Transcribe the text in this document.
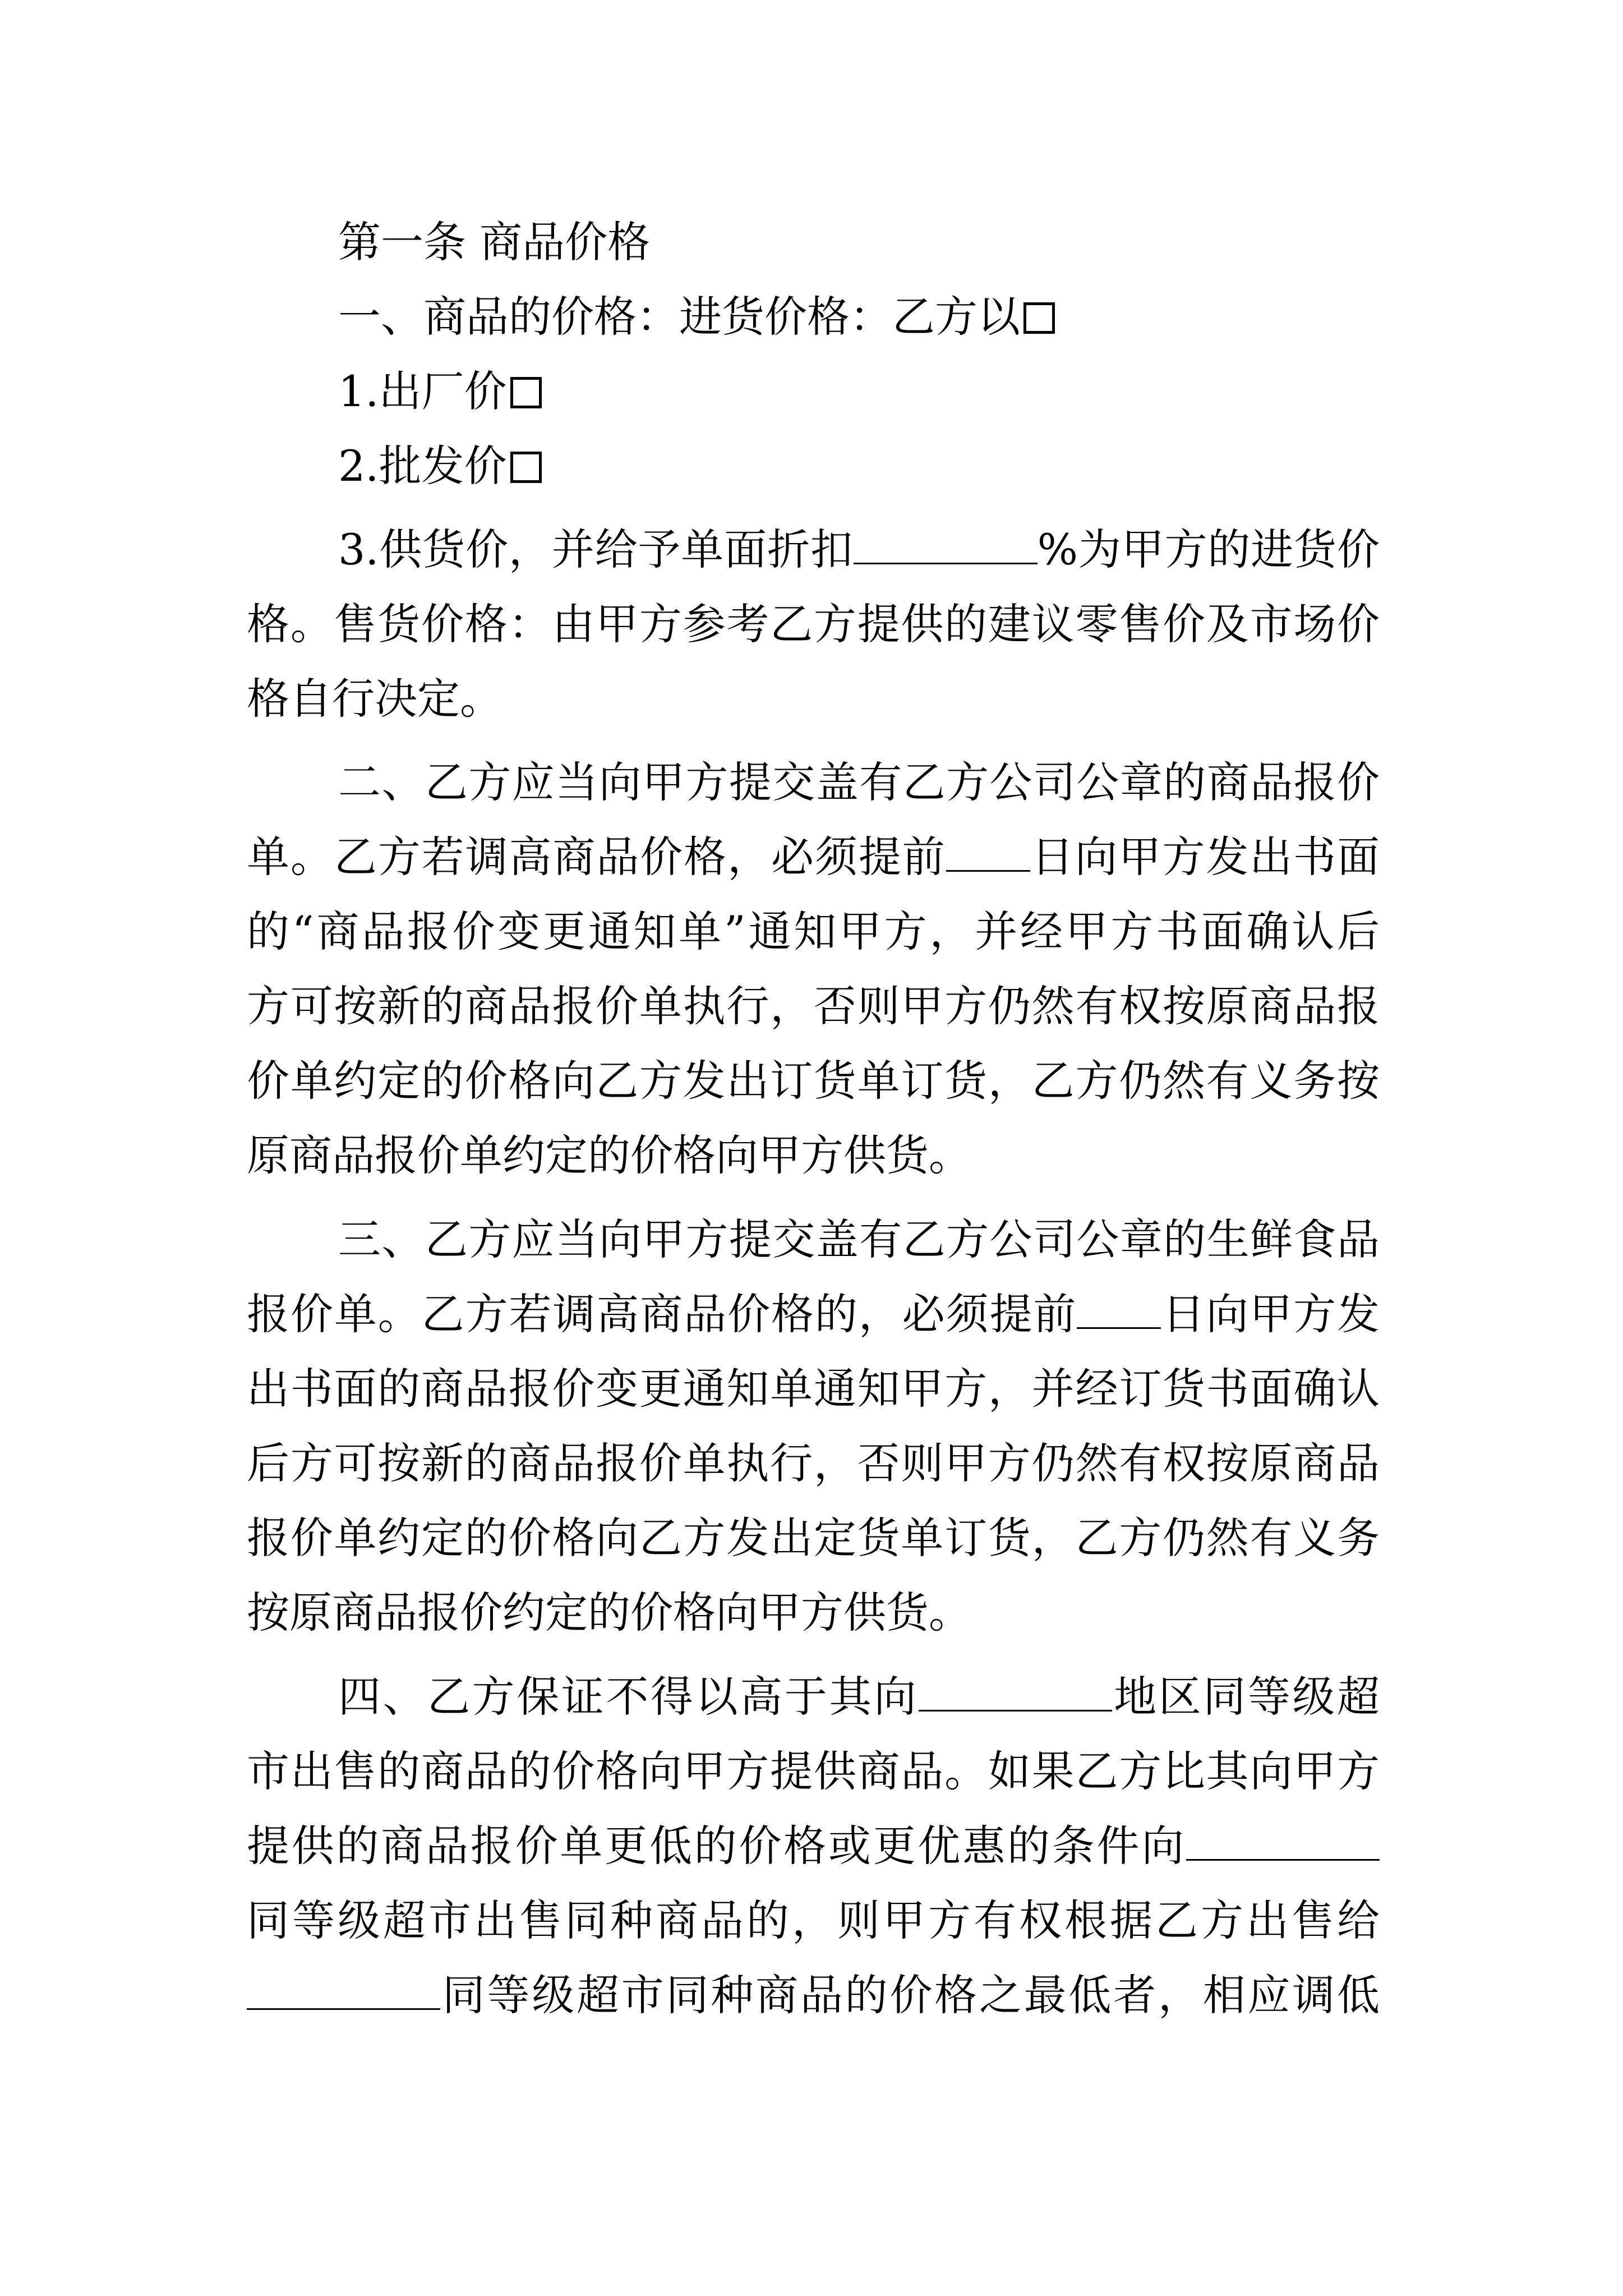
第一条 商品价格
一、商品的价格：进货价格：乙方以
1.出厂价
2.批发价
3.供货价，并给予单面折扣	%为甲方的进货价
格。售货价格：由甲方参考乙方提供的建议零售价及市场价
格自行决定。
二、乙方应当向甲方提交盖有乙方公司公章的商品报价
单。乙方若调高商品价格，必须提前 日向甲方发出书面
的“商品报价变更通知单”通知甲方，并经甲方书面确认后
方可按新的商品报价单执行，否则甲方仍然有权按原商品报
价单约定的价格向乙方发出订货单订货，乙方仍然有义务按
原商品报价单约定的价格向甲方供货。
三、乙方应当向甲方提交盖有乙方公司公章的生鲜食品
报价单。乙方若调高商品价格的，必须提前 日向甲方发
出书面的商品报价变更通知单通知甲方，并经订货书面确认
后方可按新的商品报价单执行，否则甲方仍然有权按原商品
报价单约定的价格向乙方发出定货单订货，乙方仍然有义务
按原商品报价约定的价格向甲方供货。
四、乙方保证不得以高于其向	地区同等级超
市出售的商品的价格向甲方提供商品。如果乙方比其向甲方
提供的商品报价单更低的价格或更优惠的条件向
同等级超市出售同种商品的，则甲方有权根据乙方出售给
同等级超市同种商品的价格之最低者，相应调低
